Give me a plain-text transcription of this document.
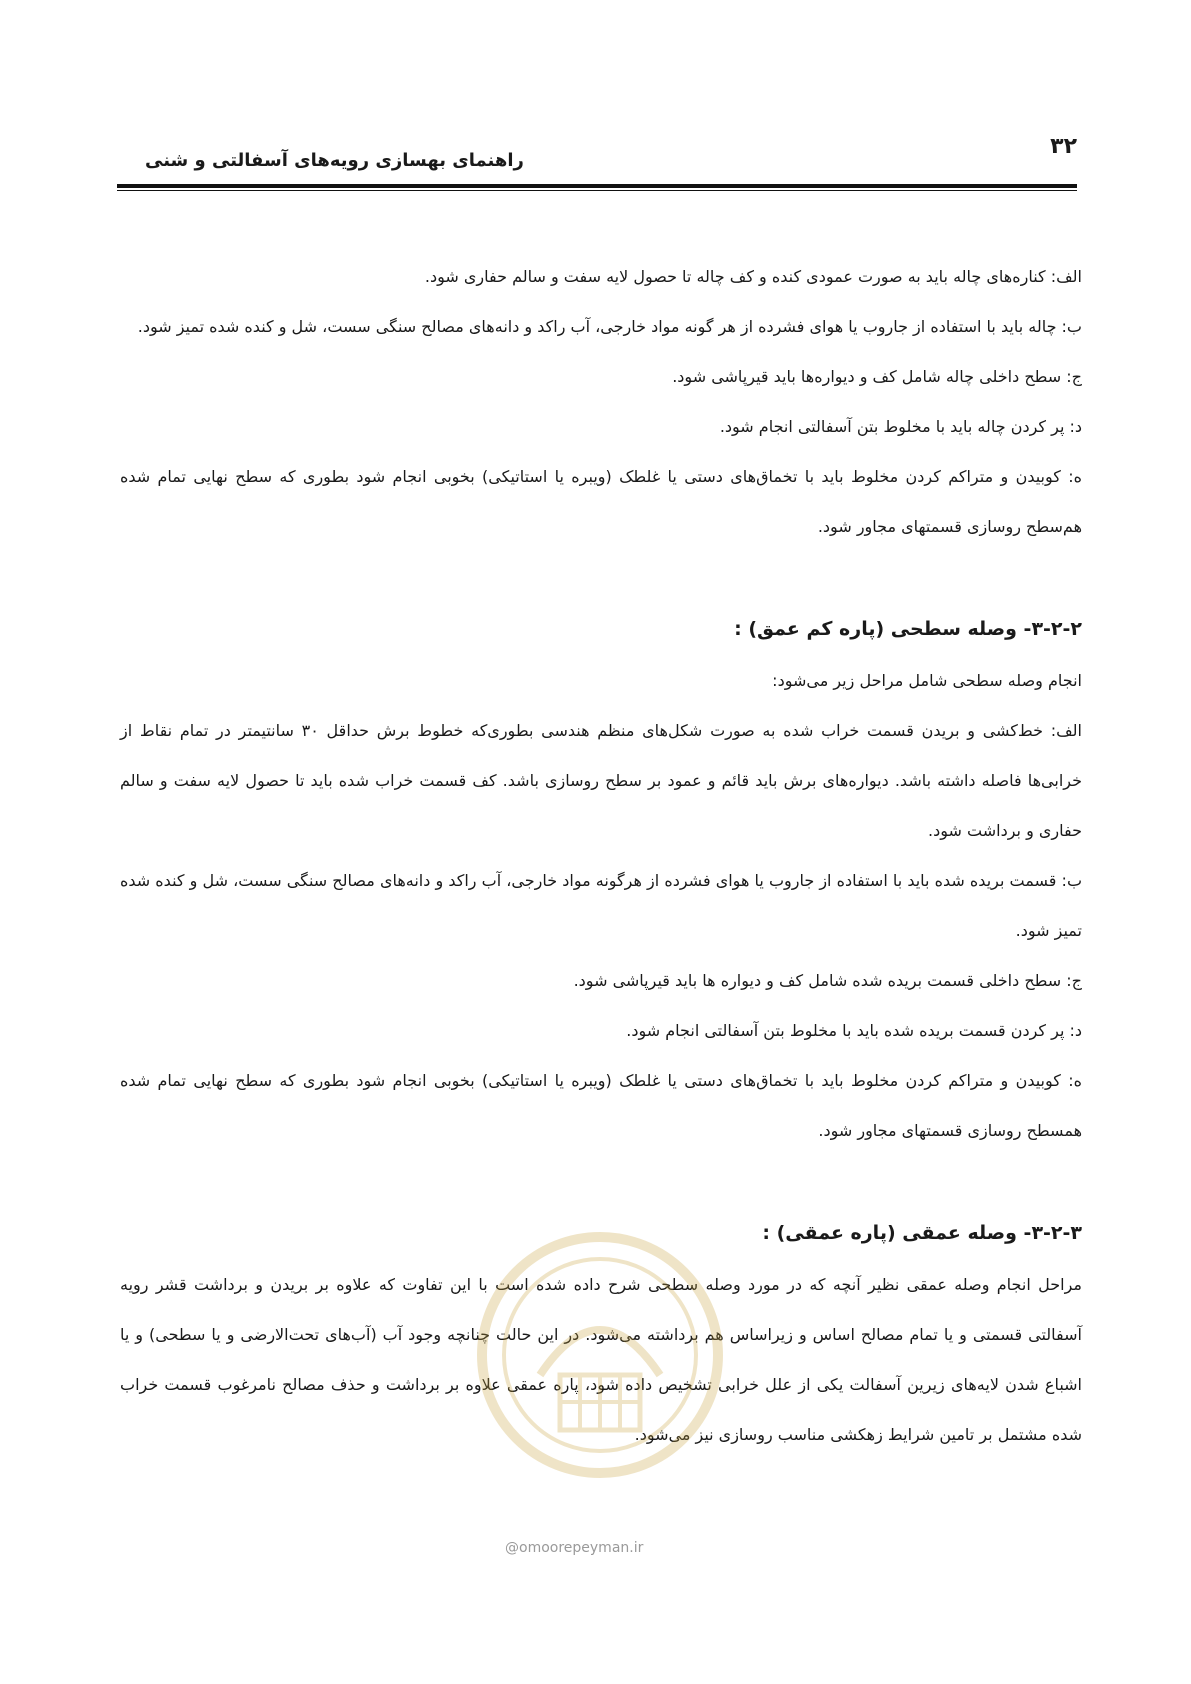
۳۲
راهنمای بهسازی رویه‌های آسفالتی و شنی

الف: کناره‌های چاله باید به صورت عمودی کنده و کف چاله تا حصول لایه سفت و سالم حفاری شود.

ب: چاله باید با استفاده از جاروب یا هوای فشرده از هر گونه مواد خارجی، آب راکد و دانه‌های مصالح سنگی سست، شل و کنده شده تمیز شود.

ج: سطح داخلی چاله شامل کف و دیواره‌ها باید قیرپاشی شود.

د: پر کردن چاله باید با مخلوط بتن آسفالتی انجام شود.

ه: کوبیدن و متراکم کردن مخلوط باید با تخماق‌های دستی یا غلطک (ویبره یا استاتیکی) بخوبی انجام شود بطوری که سطح نهایی تمام شده هم‌سطح روسازی قسمتهای مجاور شود.

۳-۲-۲- وصله سطحی (پاره کم عمق) :

انجام وصله سطحی شامل مراحل زیر می‌شود:

الف: خط‌کشی و بریدن قسمت خراب شده به صورت شکل‌های منظم هندسی بطوری‌که خطوط برش حداقل ۳۰ سانتیمتر در تمام نقاط از خرابی‌ها فاصله داشته باشد. دیواره‌های برش باید قائم و عمود بر سطح روسازی باشد. کف قسمت خراب شده باید تا حصول لایه سفت و سالم حفاری و برداشت شود.

ب: قسمت بریده شده باید با استفاده از جاروب یا هوای فشرده از هرگونه مواد خارجی، آب راکد و دانه‌های مصالح سنگی سست، شل و کنده شده تمیز شود.

ج: سطح داخلی قسمت بریده شده شامل کف و دیواره ها باید قیرپاشی شود.

د: پر کردن قسمت بریده شده باید با مخلوط بتن آسفالتی انجام شود.

ه: کوبیدن و متراکم کردن مخلوط باید با تخماق‌های دستی یا غلطک (ویبره یا استاتیکی) بخوبی انجام شود بطوری که سطح نهایی تمام شده همسطح روسازی قسمتهای مجاور شود.

۳-۲-۳- وصله عمقی (پاره عمقی) :

مراحل انجام وصله عمقی نظیر آنچه که در مورد وصله سطحی شرح داده شده است با این تفاوت که علاوه بر بریدن و برداشت قشر رویه آسفالتی قسمتی و یا تمام مصالح اساس و زیراساس هم برداشته می‌شود. در این حالت چنانچه وجود آب (آب‌های تحت‌الارضی و یا سطحی) و یا اشباع شدن لایه‌های زیرین آسفالت یکی از علل خرابی تشخیص داده شود، پاره عمقی علاوه بر برداشت و حذف مصالح نامرغوب قسمت خراب شده مشتمل بر تامین شرایط زهکشی مناسب روسازی نیز می‌شود.

@omoorepeyman.ir
